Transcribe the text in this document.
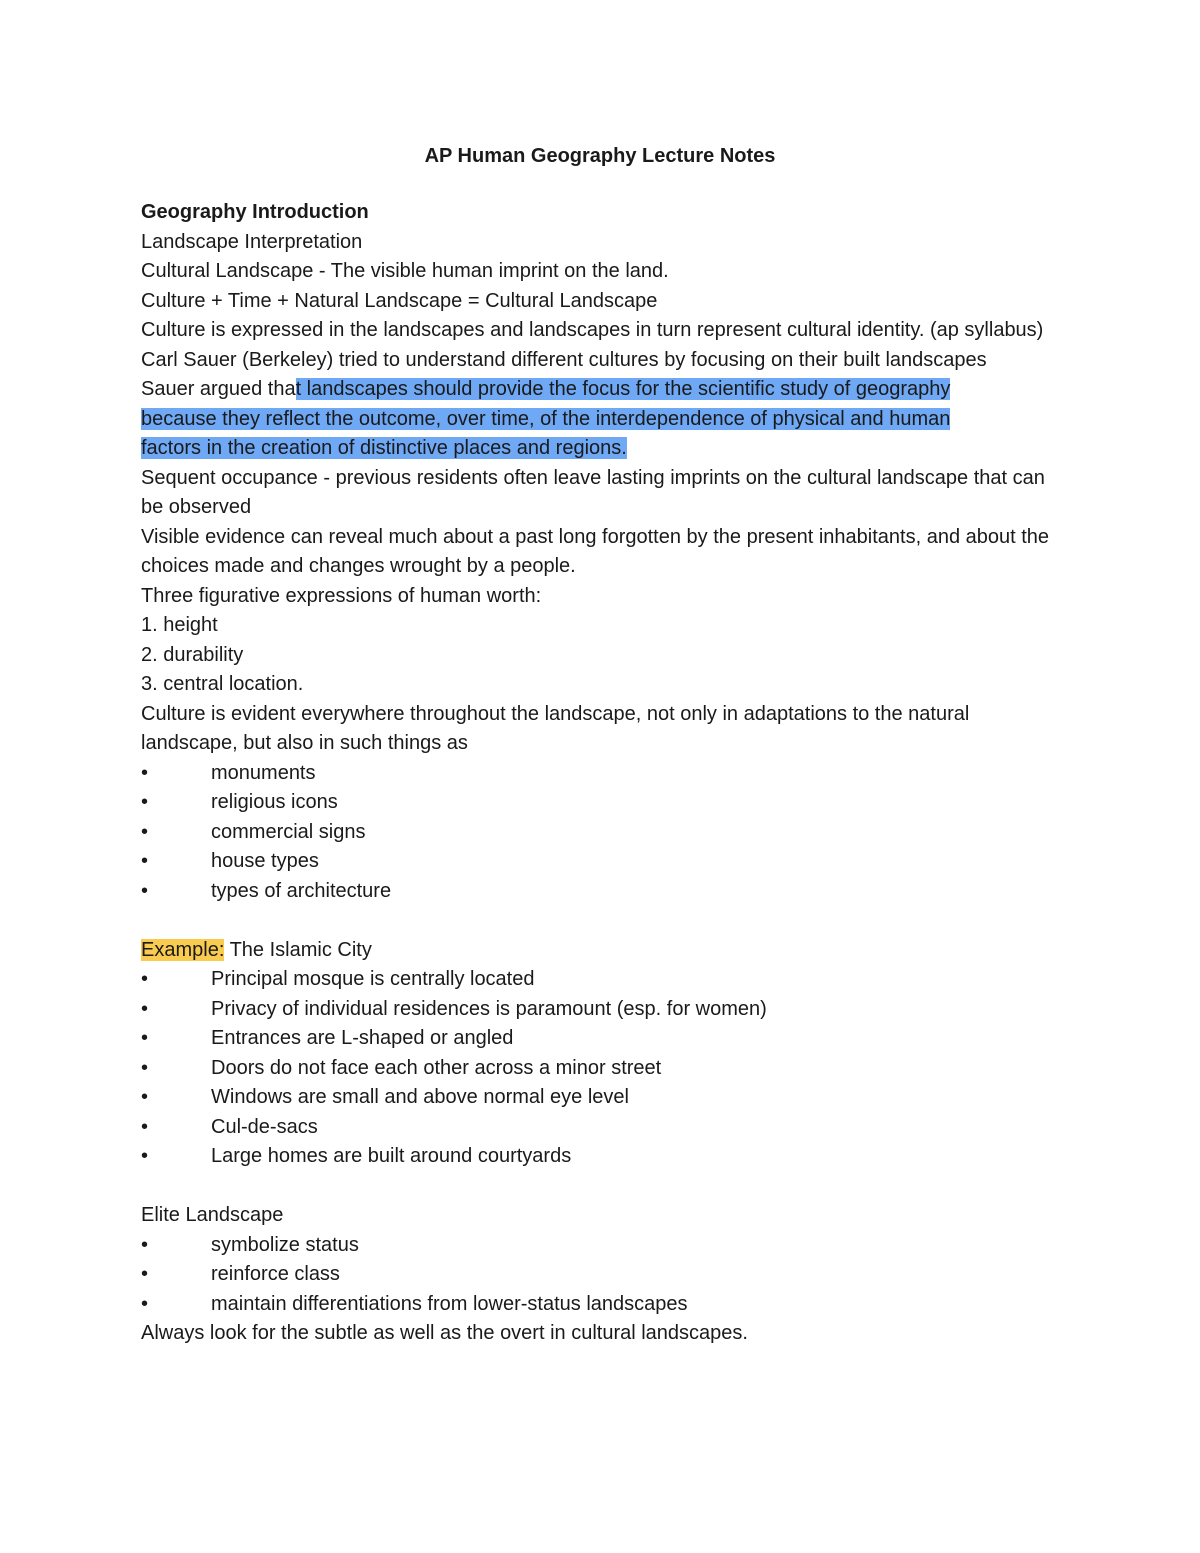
AP Human Geography Lecture Notes

Geography Introduction

Landscape Interpretation

Cultural Landscape - The visible human imprint on the land.

Culture + Time + Natural Landscape = Cultural Landscape

Culture is expressed in the landscapes and landscapes in turn represent cultural identity. (ap syllabus)

Carl Sauer (Berkeley) tried to understand different cultures by focusing on their built landscapes

Sauer argued that landscapes should provide the focus for the scientific study of geography

because they reflect the outcome, over time, of the interdependence of physical and human

factors in the creation of distinctive places and regions.

Sequent occupance - previous residents often leave lasting imprints on the cultural landscape that can be observed

Visible evidence can reveal much about a past long forgotten by the present inhabitants, and about the choices made and changes wrought by a people.

Three figurative expressions of human worth:

1. height

2. durability

3. central location.

Culture is evident everywhere throughout the landscape, not only in adaptations to the natural landscape, but also in such things as

•	monuments
•	religious icons
•	commercial signs
•	house types
•	types of architecture

Example: The Islamic City

•	Principal mosque is centrally located
•	Privacy of individual residences is paramount (esp. for women)
•	Entrances are L-shaped or angled
•	Doors do not face each other across a minor street
•	Windows are small and above normal eye level
•	Cul-de-sacs
•	Large homes are built around courtyards

Elite Landscape

•	symbolize status
•	reinforce class
•	maintain differentiations from lower-status landscapes

Always look for the subtle as well as the overt in cultural landscapes.
